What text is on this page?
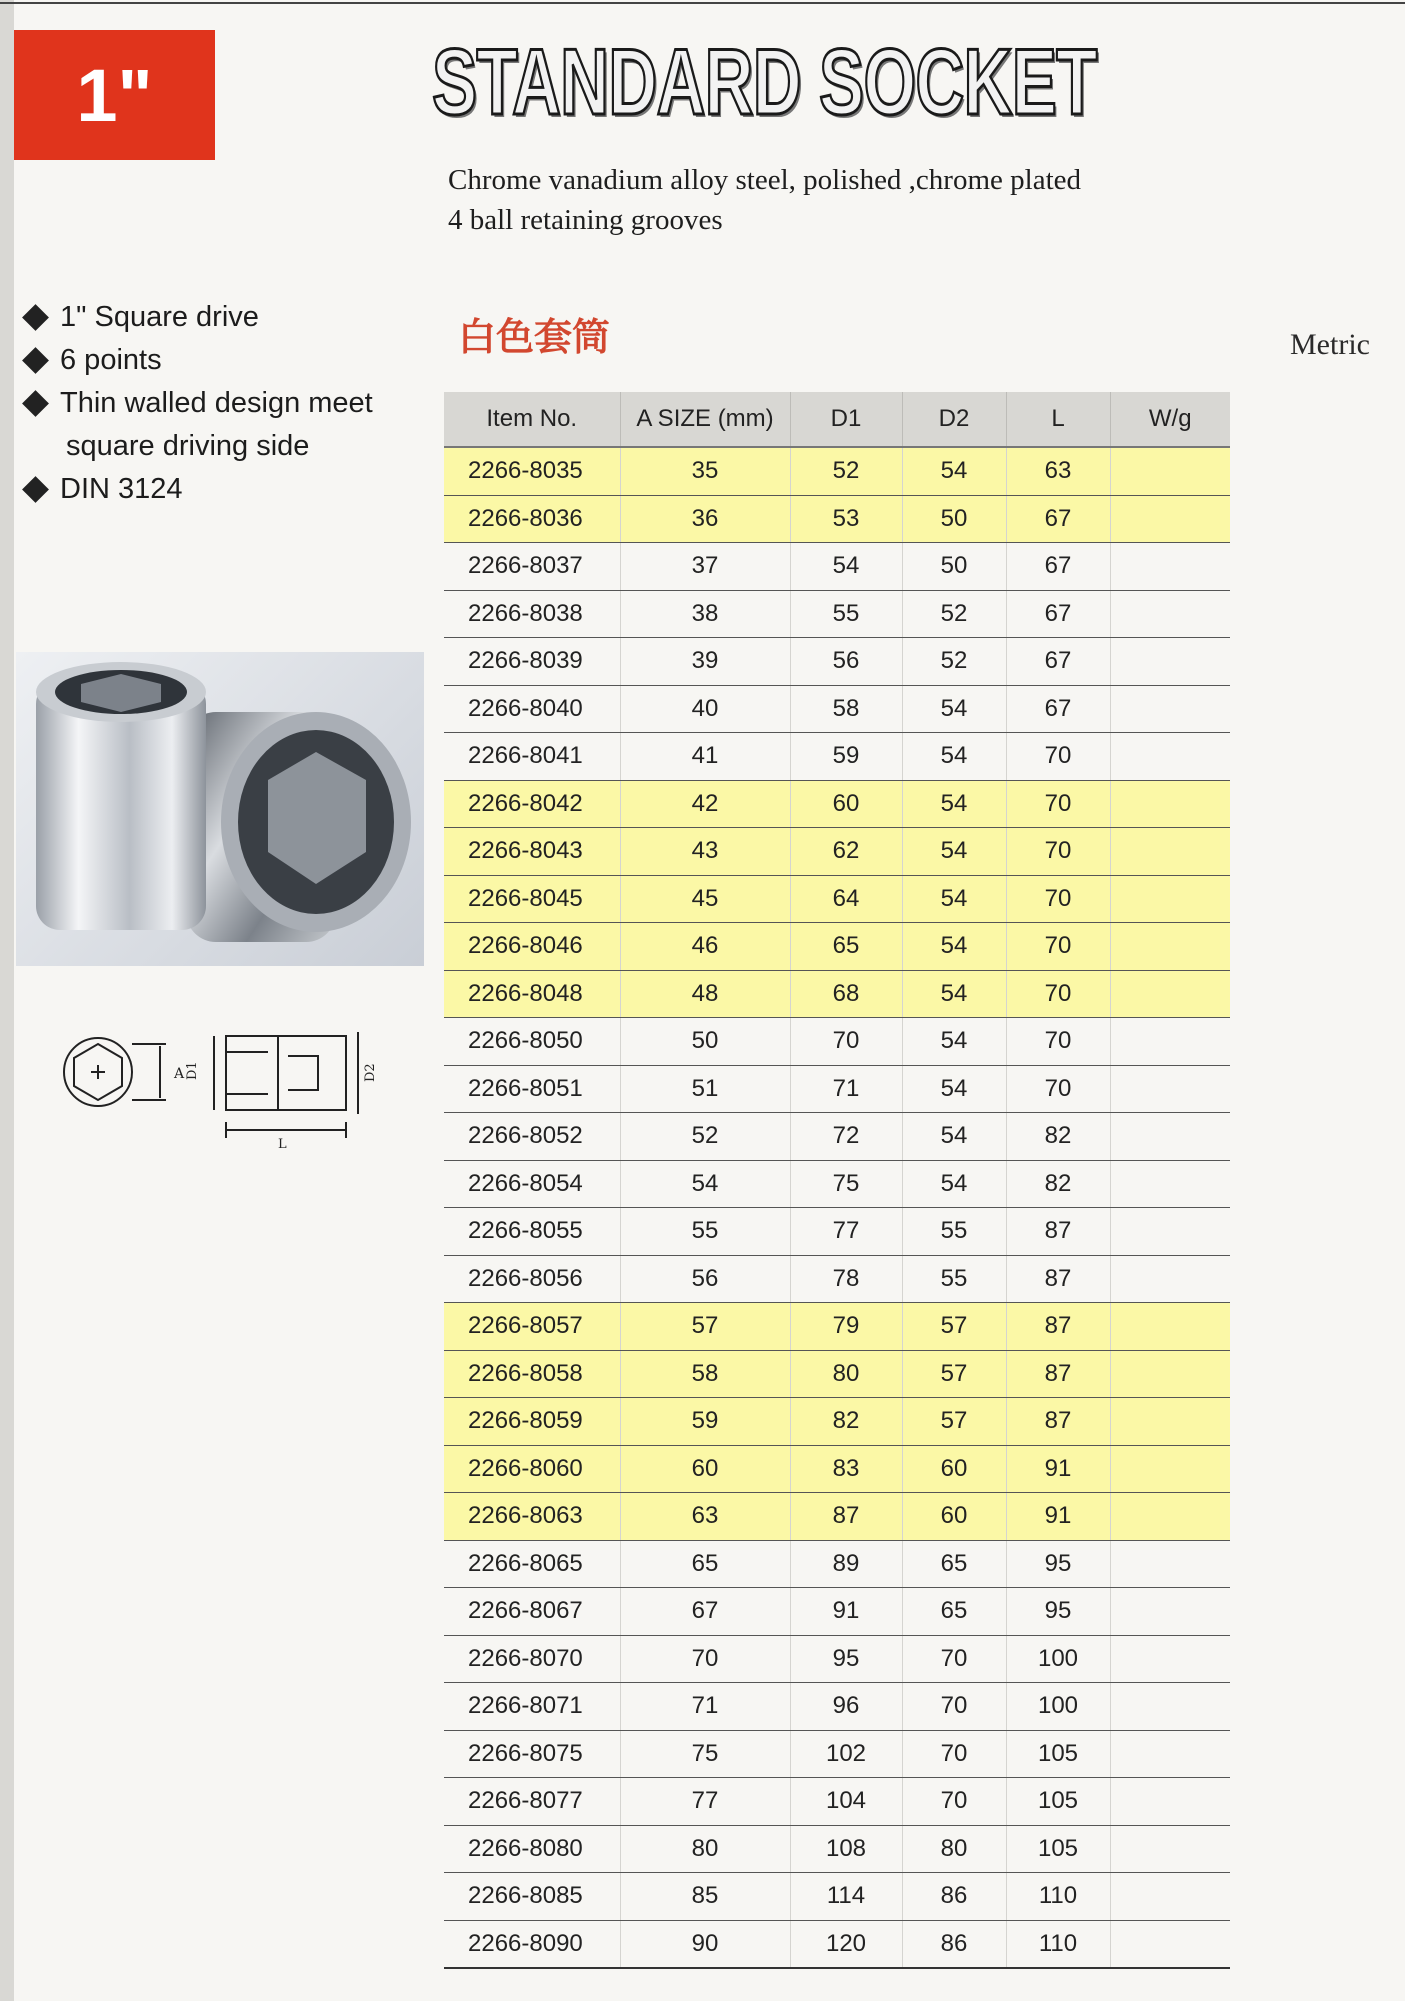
1"	STANDARD SOCKET
Chrome vanadium alloy steel, polished ,chrome plated
4 ball retaining grooves
白色套筒	Metric
1" Square drive
6 points
Thin walled design meet
square driving side
DIN 3124
A D1	D2
L
Item No.	A SIZE (mm)	D1	D2	L	W/g
2266-8035	35	52	54	63	
2266-8036	36	53	50	67	
2266-8037	37	54	50	67	
2266-8038	38	55	52	67	
2266-8039	39	56	52	67	
2266-8040	40	58	54	67	
2266-8041	41	59	54	70	
2266-8042	42	60	54	70	
2266-8043	43	62	54	70	
2266-8045	45	64	54	70	
2266-8046	46	65	54	70	
2266-8048	48	68	54	70	
2266-8050	50	70	54	70	
2266-8051	51	71	54	70	
2266-8052	52	72	54	82	
2266-8054	54	75	54	82	
2266-8055	55	77	55	87	
2266-8056	56	78	55	87	
2266-8057	57	79	57	87	
2266-8058	58	80	57	87	
2266-8059	59	82	57	87	
2266-8060	60	83	60	91	
2266-8063	63	87	60	91	
2266-8065	65	89	65	95	
2266-8067	67	91	65	95	
2266-8070	70	95	70	100	
2266-8071	71	96	70	100	
2266-8075	75	102	70	105	
2266-8077	77	104	70	105	
2266-8080	80	108	80	105	
2266-8085	85	114	86	110	
2266-8090	90	120	86	110	
